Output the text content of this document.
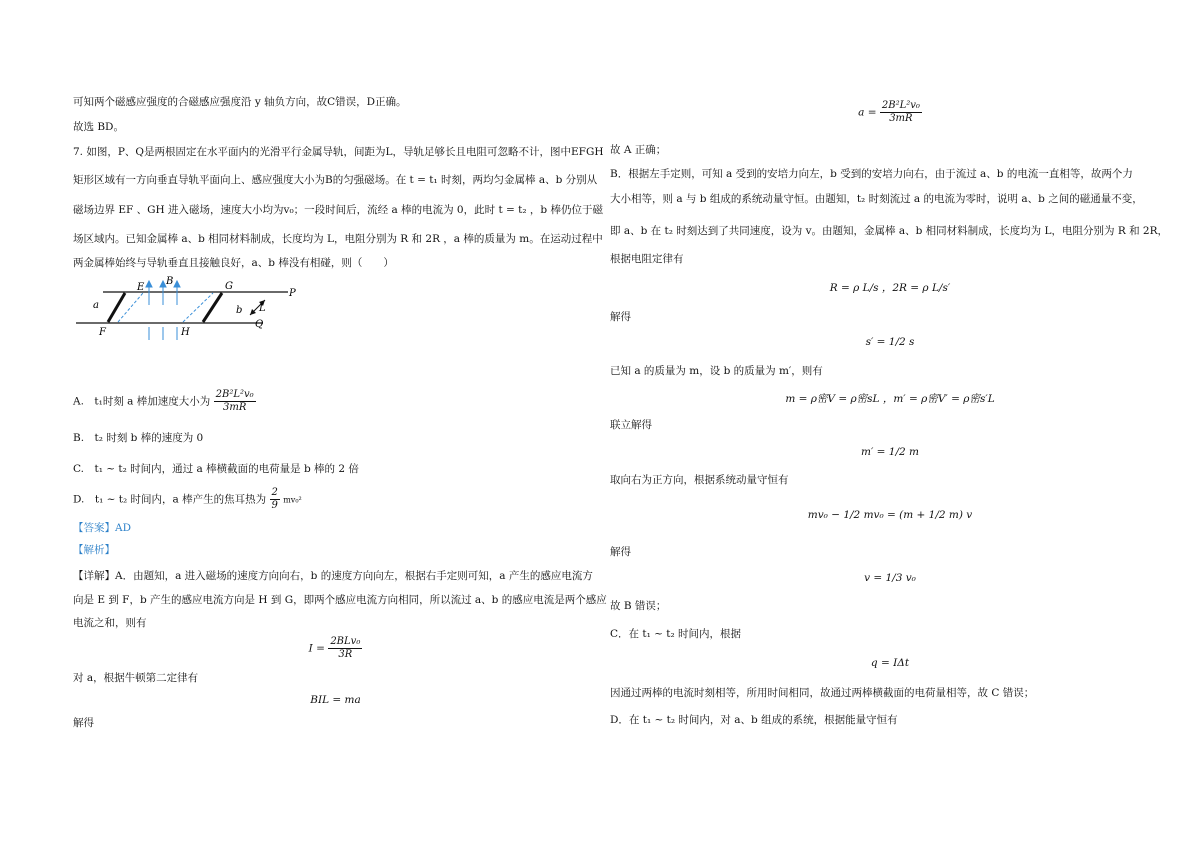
可知两个磁感应强度的合磁感应强度沿 y 轴负方向，故C错误，D正确。
故选 BD。
7. 如图，P、Q是两根固定在水平面内的光滑平行金属导轨，间距为L，导轨足够长且电阻可忽略不计，图中EFGH
矩形区域有一方向垂直导轨平面向上、感应强度大小为B的匀强磁场。在 t = t₁ 时刻，两均匀金属棒 a、b 分别从
磁场边界 EF 、GH 进入磁场，速度大小均为v₀；一段时间后，流经 a 棒的电流为 0，此时 t = t₂ ，b 棒仍位于磁
场区域内。已知金属棒 a、b 相同材料制成，长度均为 L，电阻分别为 R 和 2R ，a 棒的质量为 m。在运动过程中
两金属棒始终与导轨垂直且接触良好，a、b 棒没有相碰，则（　　）
E
B	G
P
a	b L
F	H
Q
A.　t₁时刻 a 棒加速度大小为 $\frac{\text{2B²L²v₀}}{3mR}$
B.　t₂ 时刻 b 棒的速度为 0
C.　t₁ ~ t₂ 时间内，通过 a 棒横截面的电荷量是 b 棒的 2 倍
D.　t₁ ~ t₂ 时间内，a 棒产生的焦耳热为 $\frac{2}{9} mv_0^2$
【答案】AD
【解析】
【详解】A．由题知，a 进入磁场的速度方向向右，b 的速度方向向左，根据右手定则可知，a 产生的感应电流方
向是 E 到 F，b 产生的感应电流方向是 H 到 G，即两个感应电流方向相同，所以流过 a、b 的感应电流是两个感应
电流之和，则有
$I = \frac{\text{2BLv₀}}{3R}$
对 a，根据牛顿第二定律有
BIL = ma
解得
$a = \frac{\text{2B²L²v₀}}{3mR}$
故 A 正确；
B．根据左手定则，可知 a 受到的安培力向左，b 受到的安培力向右，由于流过 a、b 的电流一直相等，故两个力
大小相等，则 a 与 b 组成的系统动量守恒。由题知，t₂ 时刻流过 a 的电流为零时，说明 a、b 之间的磁通量不变，
即 a、b 在 t₂ 时刻达到了共同速度，设为 v。由题知，金属棒 a、b 相同材料制成，长度均为 L，电阻分别为 R 和 2R，
根据电阻定律有
R = ρ L/s ，2R = ρ L/s′
解得
s′ = 1/2 s
已知 a 的质量为 m，设 b 的质量为 m′，则有
m = ρ密V = ρ密sL ，m′ = ρ密V′ = ρ密s′L
联立解得
m′ = 1/2 m
取向右为正方向，根据系统动量守恒有
mv₀ − 1/2 mv₀ = (m + 1/2 m) v
解得
v = 1/3 v₀
故 B 错误；
C．在 t₁ ~ t₂ 时间内，根据
q = IΔt
因通过两棒的电流时刻相等，所用时间相同，故通过两棒横截面的电荷量相等，故 C 错误；
D．在 t₁ ~ t₂ 时间内，对 a、b 组成的系统，根据能量守恒有
